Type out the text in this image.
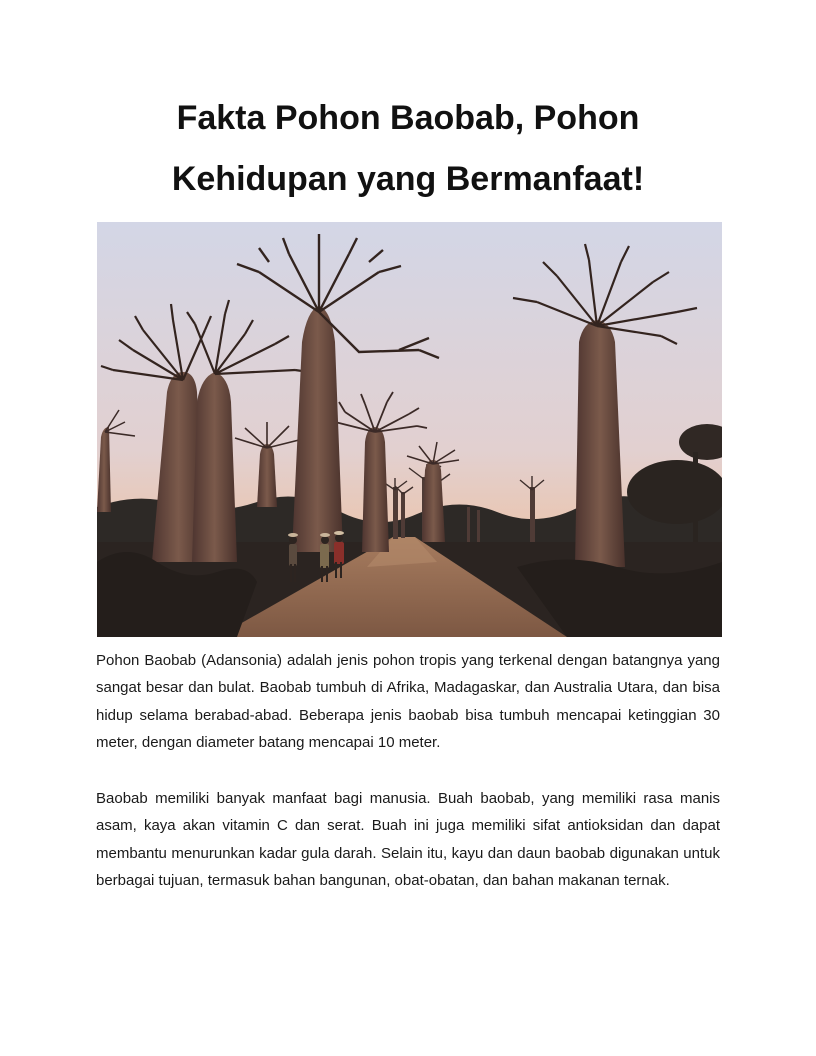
Fakta Pohon Baobab, Pohon
Kehidupan yang Bermanfaat!

Pohon Baobab (Adansonia) adalah jenis pohon tropis yang terkenal dengan batangnya yang sangat besar dan bulat. Baobab tumbuh di Afrika, Madagaskar, dan Australia Utara, dan bisa hidup selama berabad-abad. Beberapa jenis baobab bisa tumbuh mencapai ketinggian 30 meter, dengan diameter batang mencapai 10 meter.

Baobab memiliki banyak manfaat bagi manusia. Buah baobab, yang memiliki rasa manis asam, kaya akan vitamin C dan serat. Buah ini juga memiliki sifat antioksidan dan dapat membantu menurunkan kadar gula darah. Selain itu, kayu dan daun baobab digunakan untuk berbagai tujuan, termasuk bahan bangunan, obat-obatan, dan bahan makanan ternak.
